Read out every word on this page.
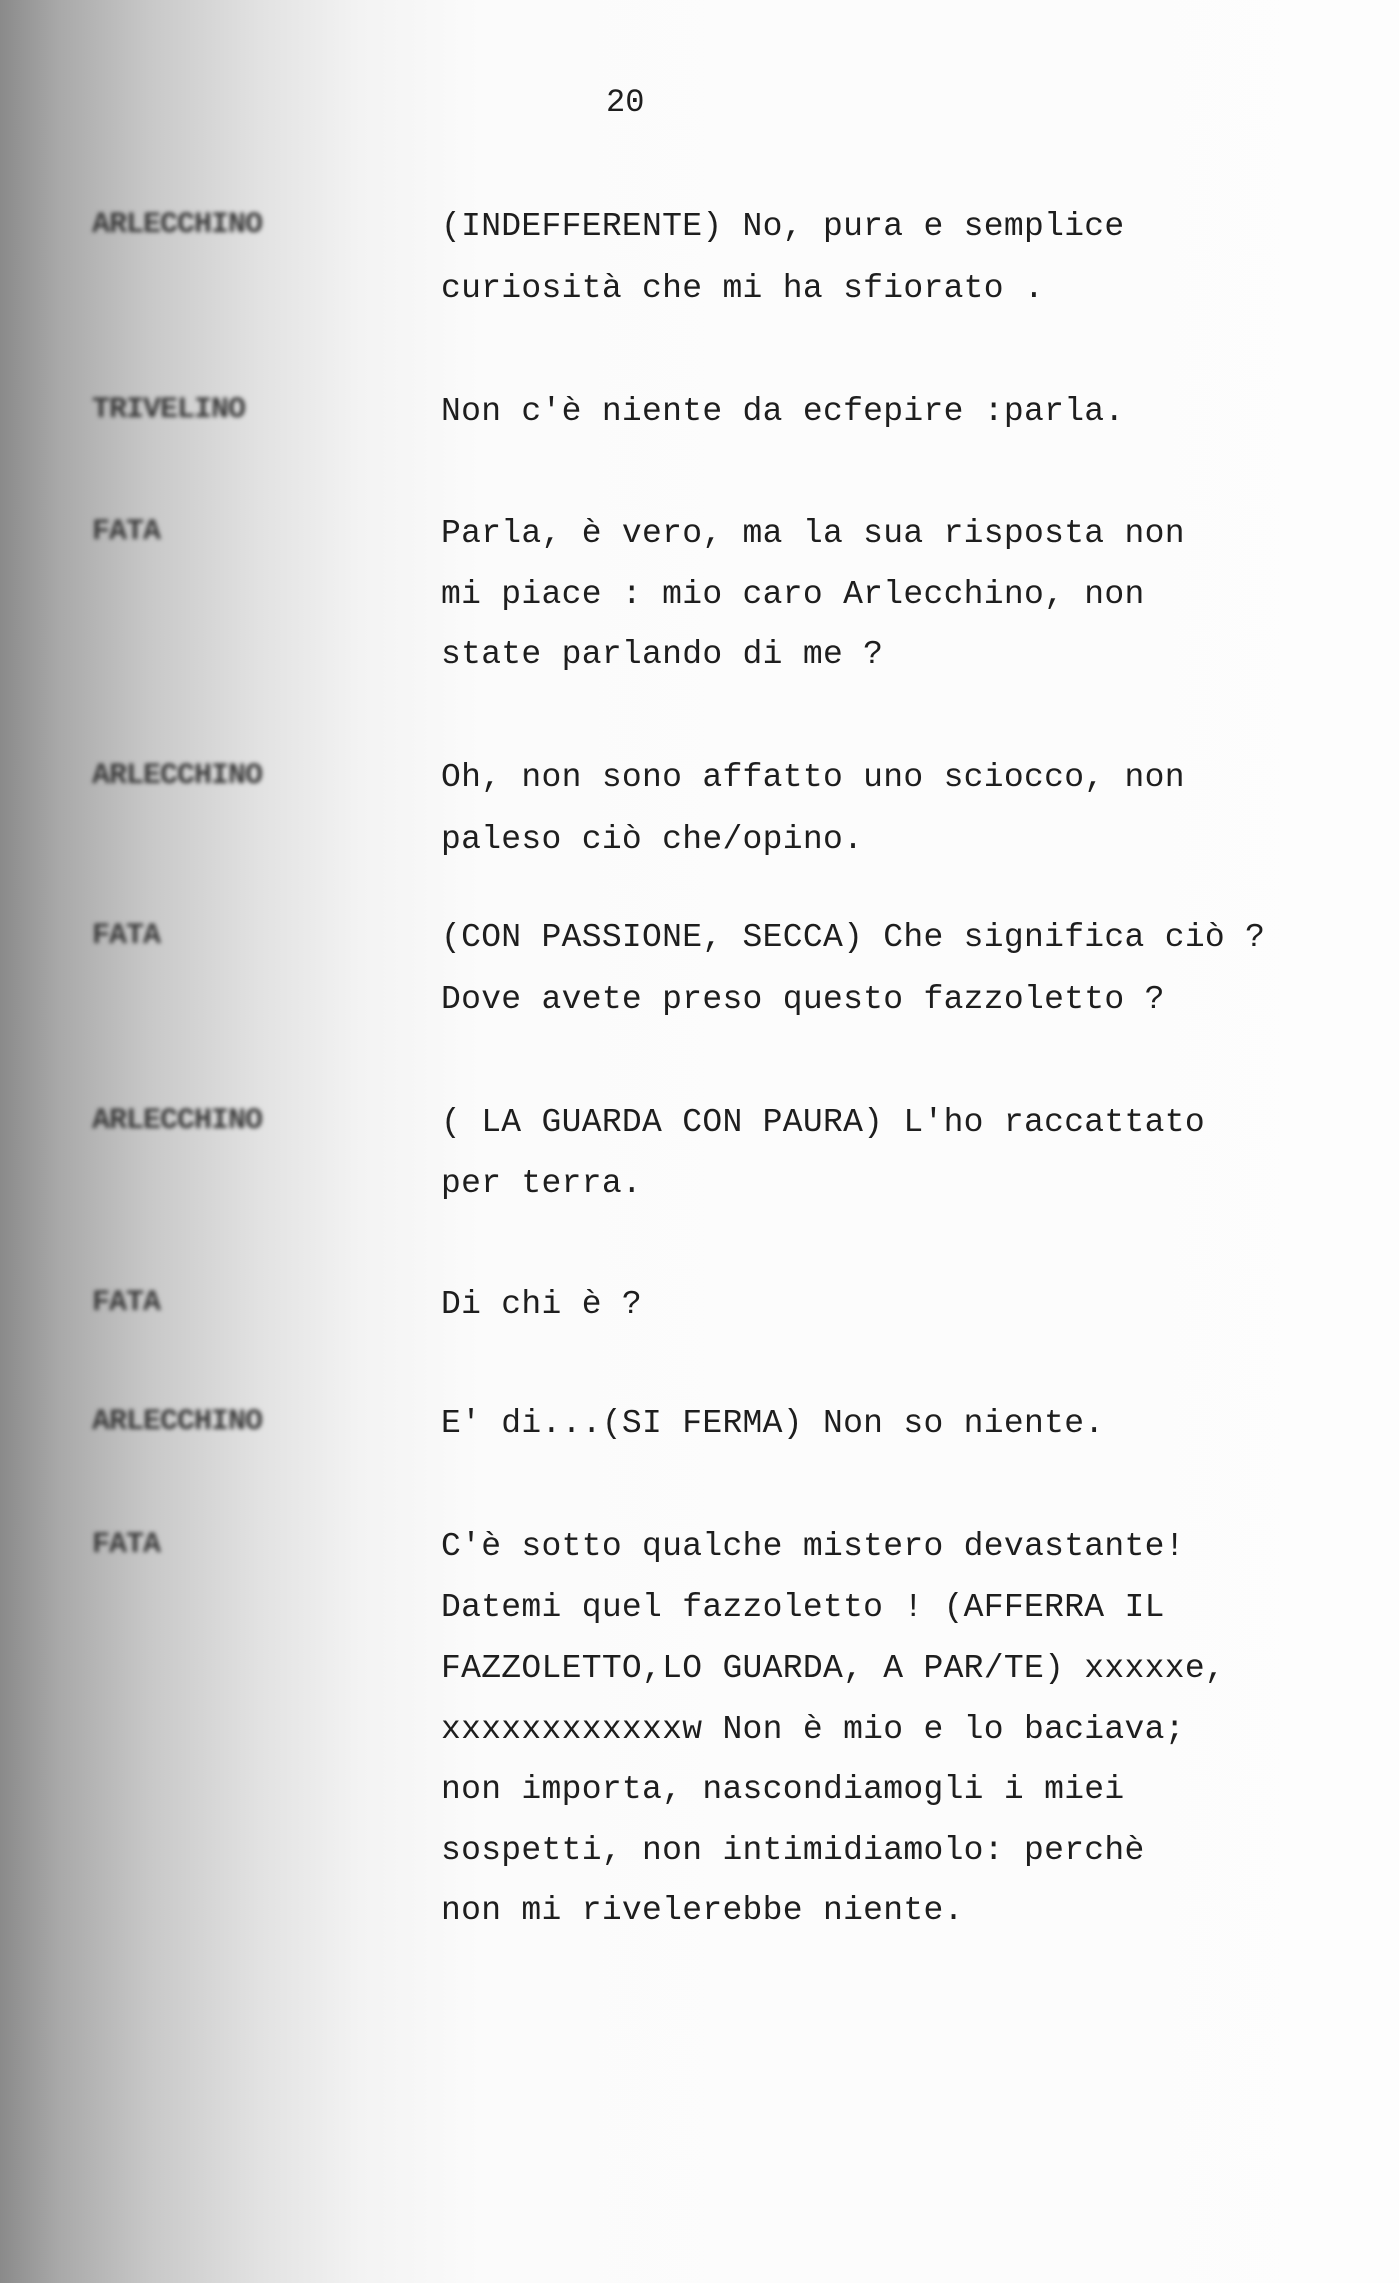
20
ARLECCHINO	(INDEFFERENTE) No, pura e semplice
curiosità che mi ha sfiorato .
TRIVELINO	Non c'è niente da ecfepire :parla.
FATA	Parla, è vero, ma la sua risposta non
mi piace : mio caro Arlecchino, non
state parlando di me ?
ARLECCHINO	Oh, non sono affatto uno sciocco, non
paleso ciò che/opino.
FATA	(CON PASSIONE, SECCA) Che significa ciò ?
Dove avete preso questo fazzoletto ?
ARLECCHINO	( LA GUARDA CON PAURA) L'ho raccattato
per terra.
FATA	Di chi è ?
ARLECCHINO	E' di...(SI FERMA) Non so niente.
FATA	C'è sotto qualche mistero devastante!
Datemi quel fazzoletto ! (AFFERRA IL
FAZZOLETTO,LO GUARDA, A PAR/TE) xxxxxe,
xxxxxxxxxxxxw Non è mio e lo baciava;
non importa, nascondiamogli i miei
sospetti, non intimidiamolo: perchè
non mi rivelerebbe niente.
